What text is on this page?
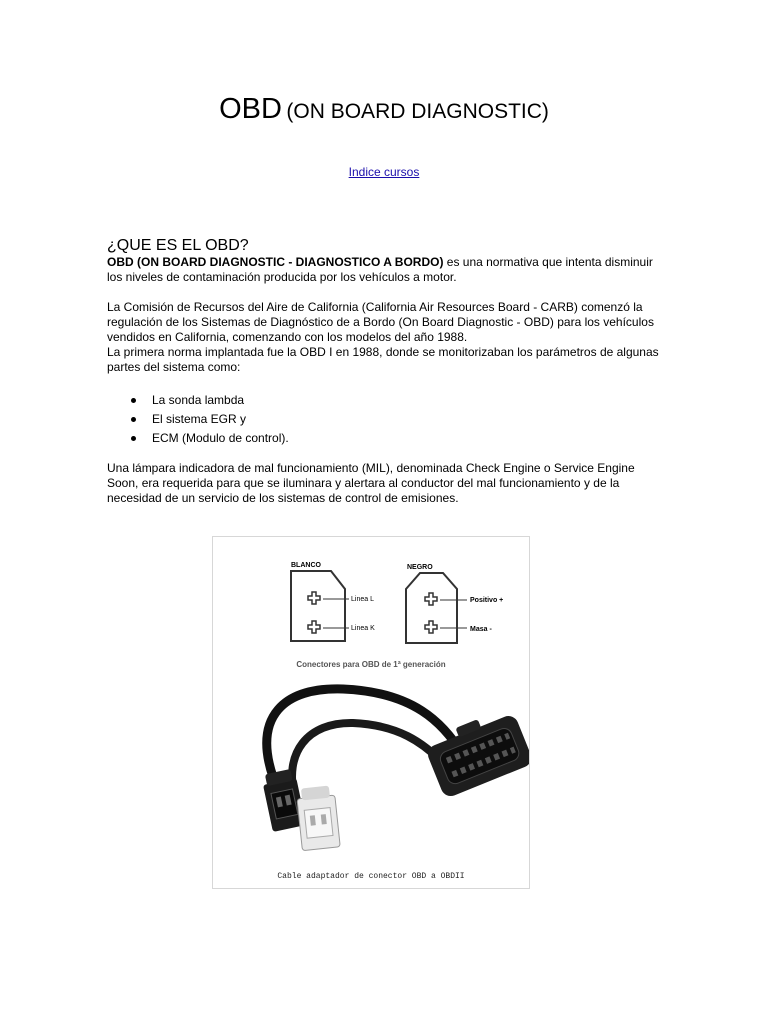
OBD (ON BOARD DIAGNOSTIC)
Indice cursos
¿QUE ES EL OBD?

OBD (ON BOARD DIAGNOSTIC - DIAGNOSTICO A BORDO) es una normativa que intenta disminuir los niveles de contaminación producida por los vehículos a motor.

La Comisión de Recursos del Aire de California (California Air Resources Board - CARB) comenzó la regulación de los Sistemas de Diagnóstico de a Bordo (On Board Diagnostic - OBD) para los vehículos vendidos en California, comenzando con los modelos del año 1988.

La primera norma implantada fue la OBD I en 1988, donde se monitorizaban los parámetros de algunas partes del sistema como:

La sonda lambda
El sistema EGR y
ECM (Modulo de control).

Una lámpara indicadora de mal funcionamiento (MIL), denominada Check Engine o Service Engine Soon, era requerida para que se iluminara y alertara al conductor del mal funcionamiento y de la necesidad de un servicio de los sistemas de control de emisiones.

BLANCO
Linea L
Linea K
NEGRO
Positivo +
Masa -
Conectores para OBD de 1ª generación
Cable adaptador de conector OBD a OBDII
